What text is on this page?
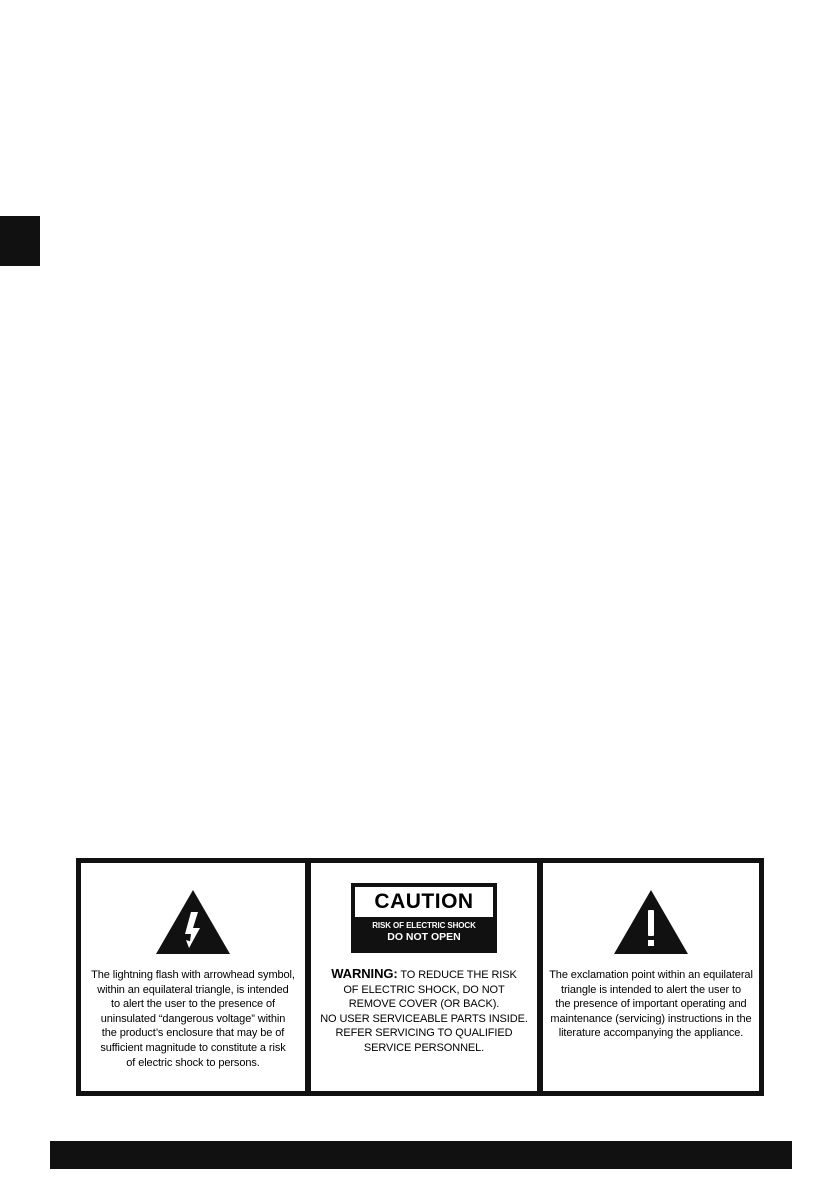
The lightning flash with arrowhead symbol,
within an equilateral triangle, is intended
to alert the user to the presence of
uninsulated “dangerous voltage” within
the product’s enclosure that may be of
sufficient magnitude to constitute a risk
of electric shock to persons.
CAUTION
RISK OF ELECTRIC SHOCK
DO NOT OPEN
WARNING: TO REDUCE THE RISK
OF ELECTRIC SHOCK, DO NOT
REMOVE COVER (OR BACK).
NO USER SERVICEABLE PARTS INSIDE.
REFER SERVICING TO QUALIFIED
SERVICE PERSONNEL.
The exclamation point within an equilateral
triangle is intended to alert the user to
the presence of important operating and
maintenance (servicing) instructions in the
literature accompanying the appliance.
